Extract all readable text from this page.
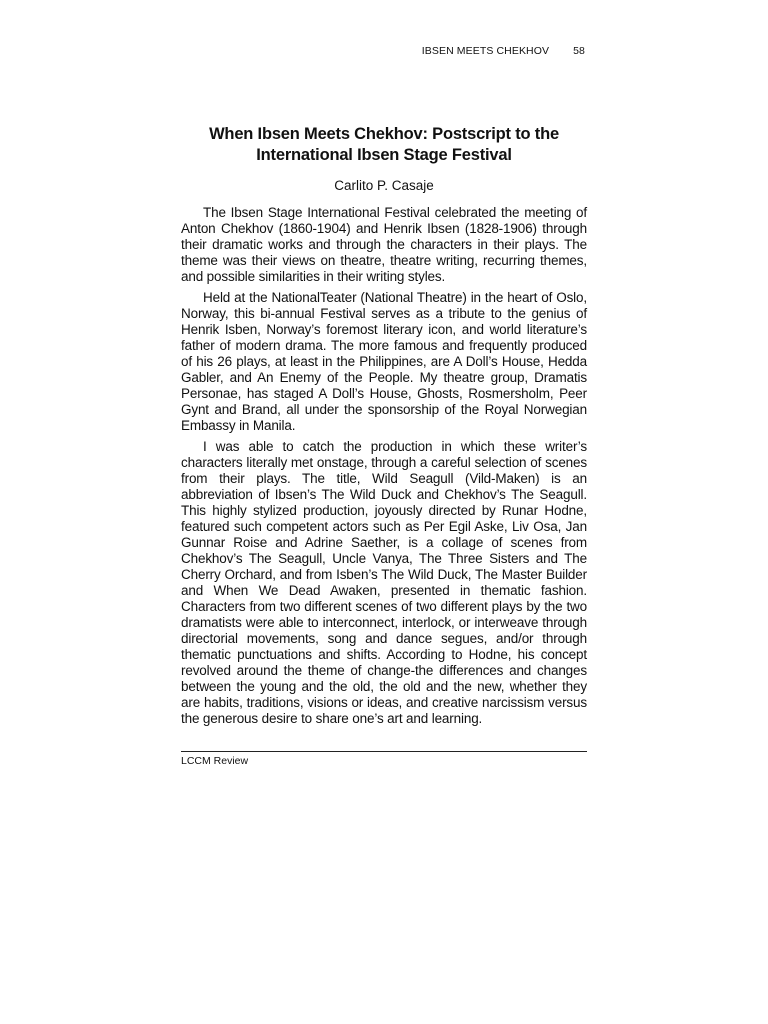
IBSEN MEETS CHEKHOV 58
When Ibsen Meets Chekhov: Postscript to the
International Ibsen Stage Festival
Carlito P. Casaje

The Ibsen Stage International Festival celebrated the meeting of Anton Chekhov (1860-1904) and Henrik Ibsen (1828-1906) through their dramatic works and through the characters in their plays. The theme was their views on theatre, theatre writing, recurring themes, and possible similarities in their writing styles.

Held at the NationalTeater (National Theatre) in the heart of Oslo, Norway, this bi-annual Festival serves as a tribute to the genius of Henrik Isben, Norway’s foremost literary icon, and world literature’s father of modern drama. The more famous and frequently produced of his 26 plays, at least in the Philippines, are A Doll’s House, Hedda Gabler, and An Enemy of the People. My theatre group, Dramatis Personae, has staged A Doll’s House, Ghosts, Rosmersholm, Peer Gynt and Brand, all under the sponsorship of the Royal Norwegian Embassy in Manila.

I was able to catch the production in which these writer’s characters literally met onstage, through a careful selection of scenes from their plays. The title, Wild Seagull (Vild-Maken) is an abbreviation of Ibsen’s The Wild Duck and Chekhov’s The Seagull. This highly stylized production, joyously directed by Runar Hodne, featured such competent actors such as Per Egil Aske, Liv Osa, Jan Gunnar Roise and Adrine Saether, is a collage of scenes from Chekhov’s The Seagull, Uncle Vanya, The Three Sisters and The Cherry Orchard, and from Isben’s The Wild Duck, The Master Builder and When We Dead Awaken, presented in thematic fashion. Characters from two different scenes of two different plays by the two dramatists were able to interconnect, interlock, or interweave through directorial movements, song and dance segues, and/or through thematic punctuations and shifts. According to Hodne, his concept revolved around the theme of change-the differences and changes between the young and the old, the old and the new, whether they are habits, traditions, visions or ideas, and creative narcissism versus the generous desire to share one’s art and learning.

LCCM Review
